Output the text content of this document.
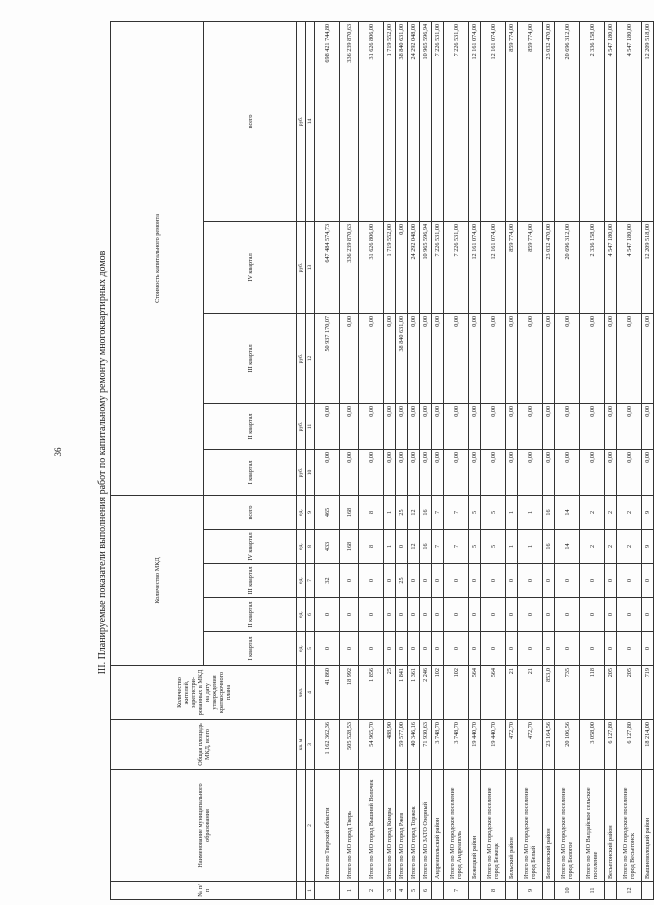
36	III. Планируемые показатели выполнения работ по капитальному ремонту многоквартирных домов
№ п/п	Наименование муниципального образования	Общая площадь МКД, всего	Количество жителей, зарегистри-рованных в МКД на дату утверждения краткосрочного плана	Количество МКД					Стоимость капитального ремонта				
				I квартал	II квартал	III квартал	IV квартал	всего	I квартал	II квартал	III квартал	IV квартал	всего
		кв. м	чел.	ед.	ед.	ед.	ед.	ед.	руб.	руб.	руб.	руб.	руб.
1	2	3	4	5	6	7	8	9	10	11	12	13	14
	Итого по Тверской области	1 162 362,36	41 860	0	0	32	433	465	0,00	0,00	50 937 170,07	647 484 574,73	698 421 744,80
1	Итого по МО город Тверь	505 528,53	18 992	0	0	0	168	168	0,00	0,00	0,00	336 239 870,63	336 239 870,63
2	Итого по МО город Вышний Волочек	54 965,70	1 856	0	0	0	8	8	0,00	0,00	0,00	31 626 806,00	31 626 806,00
3	Итого по МО город Кимры	488,90	25	0	0	0	1	1	0,00	0,00	0,00	1 719 552,00	1 719 552,00
4	Итого по МО город Ржев	59 577,00	1 841	0	0	25	0	25	0,00	0,00	38 840 631,00	0,00	38 840 631,00
5	Итого по МО город Торжок	40 346,16	1 361	0	0	0	12	12	0,00	0,00	0,00	24 292 048,00	24 292 048,00
6	Итого по МО ЗАТО Озерный	71 930,63	2 246	0	0	0	16	16	0,00	0,00	0,00	10 965 596,94	10 965 596,94
	Андреапольский район	3 748,70	102	0	0	0	7	7	0,00	0,00	0,00	7 226 531,00	7 226 531,00
7	Итого по МО городское поселение город Андреаполь	3 748,70	102	0	0	0	7	7	0,00	0,00	0,00	7 226 531,00	7 226 531,00
	Бежецкий район	19 440,70	564	0	0	0	5	5	0,00	0,00	0,00	12 161 074,00	12 161 074,00
8	Итого по МО городское поселение город Бежецк	19 440,70	564	0	0	0	5	5	0,00	0,00	0,00	12 161 074,00	12 161 074,00
	Бельский район	472,70	21	0	0	0	1	1	0,00	0,00	0,00	859 774,00	859 774,00
9	Итого по МО городское поселение город Белый	472,70	21	0	0	0	1	1	0,00	0,00	0,00	859 774,00	859 774,00
	Бологовский район	23 164,56	853,0	0	0	0	16	16	0,00	0,00	0,00	23 032 470,00	23 032 470,00
10	Итого по МО городское поселение город Бологое	20 106,56	735	0	0	0	14	14	0,00	0,00	0,00	20 696 312,00	20 696 312,00
11	Итого по МО Валдайское сельское поселение	3 058,00	118	0	0	0	2	2	0,00	0,00	0,00	2 336 158,00	2 336 158,00
	Весьегонский район	6 127,80	205	0	0	0	2	2	0,00	0,00	0,00	4 547 180,00	4 547 180,00
12	Итого по МО городское поселение город Весьегонск	6 127,80	205	0	0	0	2	2	0,00	0,00	0,00	4 547 180,00	4 547 180,00
	Вышневолоцкий район	18 214,00	719	0	0	0	9	9	0,00	0,00	0,00	12 209 518,00	12 209 518,00
